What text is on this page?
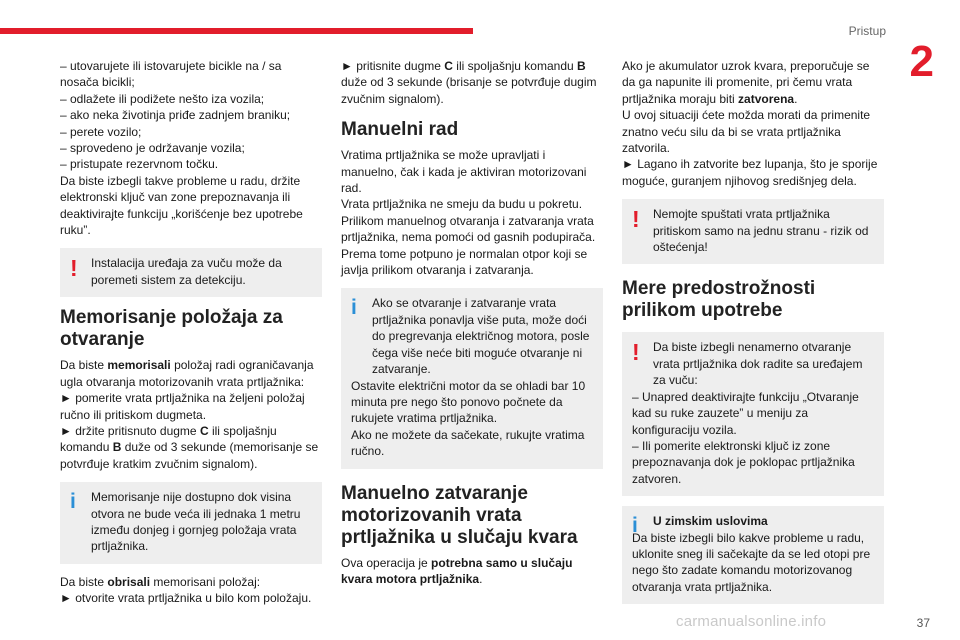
Pristup
2

– utovarujete ili istovarujete bicikle na / sa nosača bicikli;

– odlažete ili podižete nešto iza vozila;

– ako neka životinja priđe zadnjem braniku;

– perete vozilo;

– sprovedeno je održavanje vozila;

– pristupate rezervnom točku.

Da biste izbegli takve probleme u radu, držite elektronski ključ van zone prepoznavanja ili deaktivirajte funkciju „korišćenje bez upotrebe ruku”.

!	Instalacija uređaja za vuču može da poremeti sistem za detekciju.

Memorisanje položaja za otvaranje

Da biste memorisali položaj radi ograničavanja ugla otvaranja motorizovanih vrata prtljažnika:

► pomerite vrata prtljažnika na željeni položaj ručno ili pritiskom dugmeta.

► držite pritisnuto dugme C ili spoljašnju komandu B duže od 3 sekunde (memorisanje se potvrđuje kratkim zvučnim signalom).

i	Memorisanje nije dostupno dok visina otvora ne bude veća ili jednaka 1 metru između donjeg i gornjeg položaja vrata prtljažnika.

Da biste obrisali memorisani položaj:

► otvorite vrata prtljažnika u bilo kom položaju.

► pritisnite dugme C ili spoljašnju komandu B duže od 3 sekunde (brisanje se potvrđuje dugim zvučnim signalom).

Manuelni rad

Vratima prtljažnika se može upravljati i manuelno, čak i kada je aktiviran motorizovani rad.

Vrata prtljažnika ne smeju da budu u pokretu. Prilikom manuelnog otvaranja i zatvaranja vrata prtljažnika, nema pomoći od gasnih podupirača. Prema tome potpuno je normalan otpor koji se javlja prilikom otvaranja i zatvaranja.

i	Ako se otvaranje i zatvaranje vrata prtljažnika ponavlja više puta, može doći do pregrevanja električnog motora, posle čega više neće biti moguće otvaranje ni zatvaranje.

Ostavite električni motor da se ohladi bar 10 minuta pre nego što ponovo počnete da rukujete vratima prtljažnika.

Ako ne možete da sačekate, rukujte vratima ručno.

Manuelno zatvaranje motorizovanih vrata prtljažnika u slučaju kvara

Ova operacija je potrebna samo u slučaju kvara motora prtljažnika.

Ako je akumulator uzrok kvara, preporučuje se da ga napunite ili promenite, pri čemu vrata prtljažnika moraju biti zatvorena.

U ovoj situaciji ćete možda morati da primenite znatno veću silu da bi se vrata prtljažnika zatvorila.

► Lagano ih zatvorite bez lupanja, što je sporije moguće, guranjem njihovog središnjeg dela.

!	Nemojte spuštati vrata prtljažnika pritiskom samo na jednu stranu - rizik od oštećenja!

Mere predostrožnosti prilikom upotrebe
!	Da biste izbegli nenamerno otvaranje vrata prtljažnika dok radite sa uređajem za vuču:

– Unapred deaktivirajte funkciju „Otvaranje kad su ruke zauzete” u meniju za konfiguraciju vozila.

– Ili pomerite elektronski ključ iz zone prepoznavanja dok je poklopac prtljažnika zatvoren.

i	U zimskim uslovima

Da biste izbegli bilo kakve probleme u radu, uklonite sneg ili sačekajte da se led otopi pre nego što zadate komandu motorizovanog otvaranja vrata prtljažnika.

carmanualsonline.info	37
